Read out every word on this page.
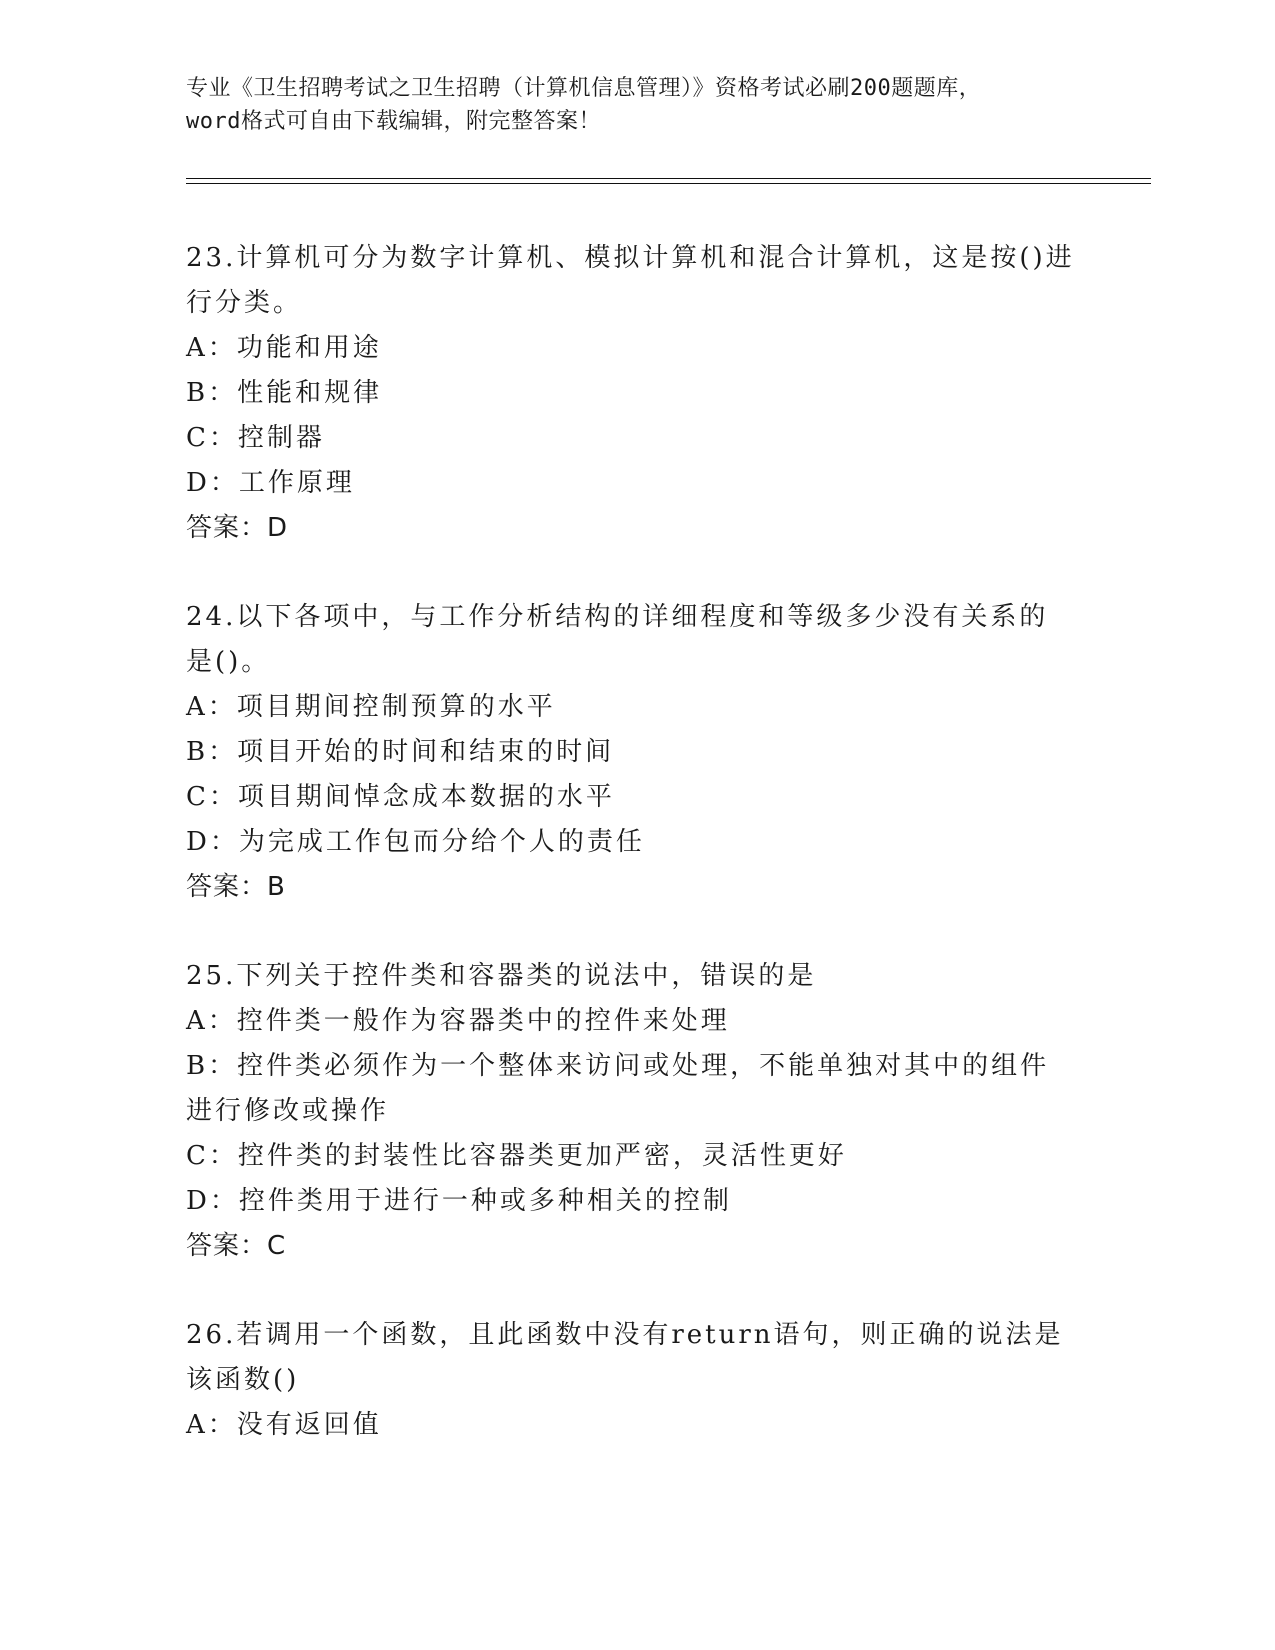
专业《卫生招聘考试之卫生招聘（计算机信息管理）》资格考试必刷200题题库，
word格式可自由下载编辑，附完整答案！

23.计算机可分为数字计算机、模拟计算机和混合计算机，这是按()进行分类。

A：功能和用途

B：性能和规律

C：控制器

D：工作原理

答案：D

24.以下各项中，与工作分析结构的详细程度和等级多少没有关系的是()。

A：项目期间控制预算的水平

B：项目开始的时间和结束的时间

C：项目期间悼念成本数据的水平

D：为完成工作包而分给个人的责任

答案：B

25.下列关于控件类和容器类的说法中，错误的是

A：控件类一般作为容器类中的控件来处理

B：控件类必须作为一个整体来访问或处理，不能单独对其中的组件进行修改或操作

C：控件类的封装性比容器类更加严密，灵活性更好

D：控件类用于进行一种或多种相关的控制

答案：C

26.若调用一个函数，且此函数中没有return语句，则正确的说法是该函数()

A：没有返回值
